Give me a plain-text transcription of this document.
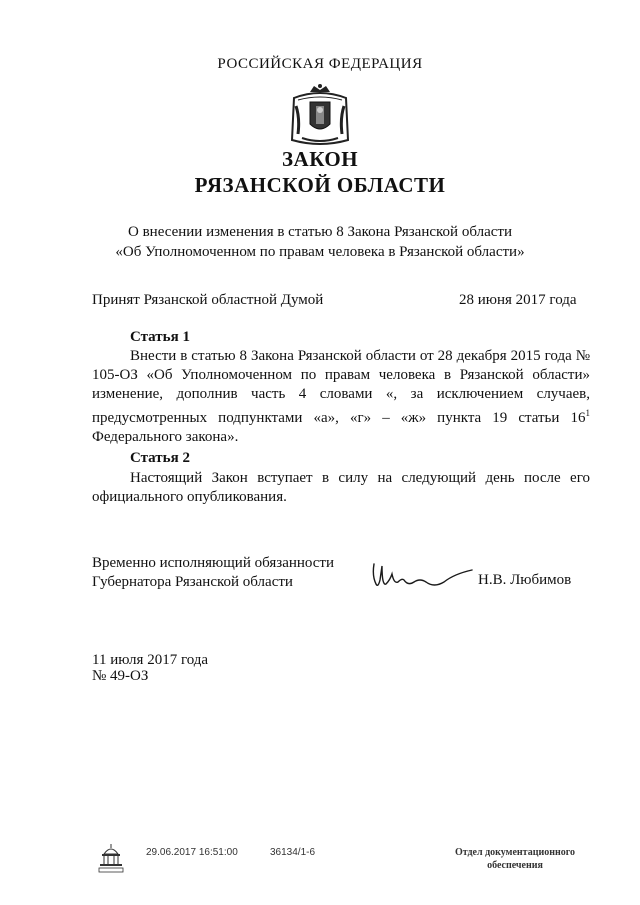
РОССИЙСКАЯ ФЕДЕРАЦИЯ
ЗАКОН
РЯЗАНСКОЙ ОБЛАСТИ
О внесении изменения в статью 8 Закона Рязанской области
«Об Уполномоченном по правам человека в Рязанской области»
Принят Рязанской областной Думой	28 июня 2017 года
Статья 1
Внести в статью 8 Закона Рязанской области от 28 декабря 2015 года № 105-ОЗ «Об Уполномоченном по правам человека в Рязанской области» изменение, дополнив часть 4 словами «, за исключением случаев, предусмотренных подпунктами «а», «г» – «ж» пункта 19 статьи $16^1$ Федерального закона».
Статья 2
Настоящий Закон вступает в силу на следующий день после его официального опубликования.
Временно исполняющий обязанности
Губернатора Рязанской области	Н.В. Любимов
11 июля 2017 года
№ 49-ОЗ
29.06.2017 16:51:00	36134/1-6	Отдел документационного
обеспечения
